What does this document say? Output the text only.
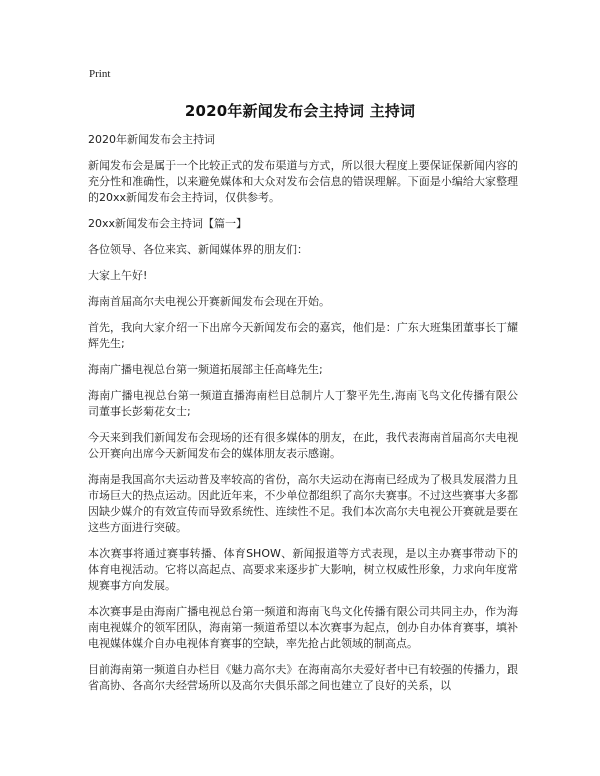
Print
2020年新闻发布会主持词 主持词

2020年新闻发布会主持词

新闻发布会是属于一个比较正式的发布渠道与方式，所以很大程度上要保证保新闻内容的充分性和准确性，以来避免媒体和大众对发布会信息的错误理解。下面是小编给大家整理的20xx新闻发布会主持词，仅供参考。

20xx新闻发布会主持词【篇一】

各位领导、各位来宾、新闻媒体界的朋友们：

大家上午好!

海南首届高尔夫电视公开赛新闻发布会现在开始。

首先，我向大家介绍一下出席今天新闻发布会的嘉宾，他们是：广东大班集团董事长丁耀辉先生;

海南广播电视总台第一频道拓展部主任高峰先生;

海南广播电视总台第一频道直播海南栏目总制片人丁黎平先生,海南飞鸟文化传播有限公司董事长彭菊花女士;

今天来到我们新闻发布会现场的还有很多媒体的朋友，在此，我代表海南首届高尔夫电视公开赛向出席今天新闻发布会的媒体朋友表示感谢。

海南是我国高尔夫运动普及率较高的省份，高尔夫运动在海南已经成为了极具发展潜力且市场巨大的热点运动。因此近年来，不少单位都组织了高尔夫赛事。不过这些赛事大多都因缺少媒介的有效宣传而导致系统性、连续性不足。我们本次高尔夫电视公开赛就是要在这些方面进行突破。

本次赛事将通过赛事转播、体育SHOW、新闻报道等方式表现，是以主办赛事带动下的体育电视活动。它将以高起点、高要求来逐步扩大影响，树立权威性形象，力求向年度常规赛事方向发展。

本次赛事是由海南广播电视总台第一频道和海南飞鸟文化传播有限公司共同主办，作为海南电视媒介的领军团队，海南第一频道希望以本次赛事为起点，创办自办体育赛事，填补电视媒体媒介自办电视体育赛事的空缺，率先抢占此领域的制高点。

目前海南第一频道自办栏目《魅力高尔夫》在海南高尔夫爱好者中已有较强的传播力，跟省高协、各高尔夫经营场所以及高尔夫俱乐部之间也建立了良好的关系，以
